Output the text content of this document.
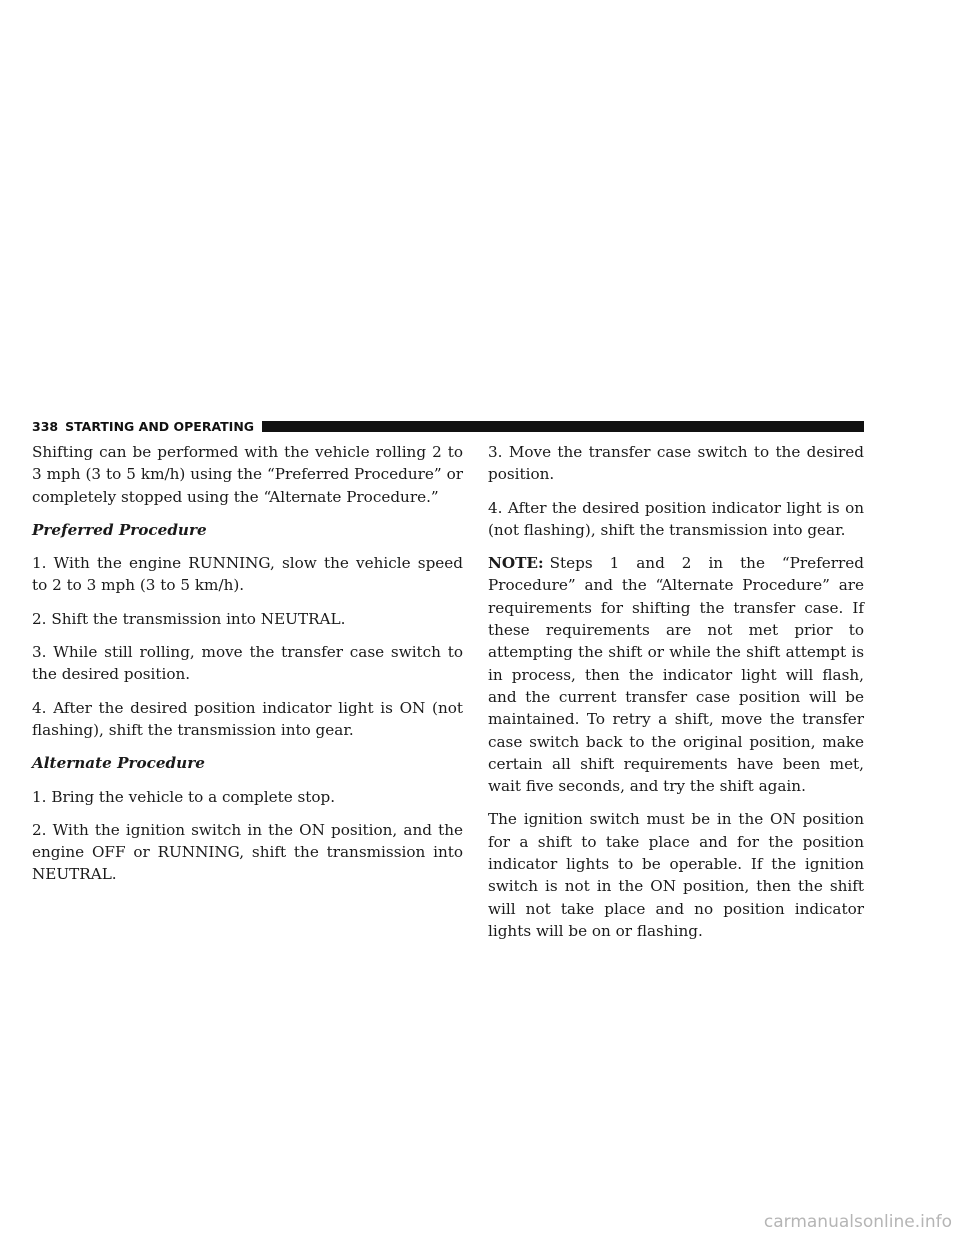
338 STARTING AND OPERATING

Shifting can be performed with the vehicle rolling 2 to 3 mph (3 to 5 km/h) using the “Preferred Procedure” or completely stopped using the “Alternate Procedure.”

Preferred Procedure

1. With the engine RUNNING, slow the vehicle speed to 2 to 3 mph (3 to 5 km/h).

2. Shift the transmission into NEUTRAL.

3. While still rolling, move the transfer case switch to the desired position.

4. After the desired position indicator light is ON (not flashing), shift the transmission into gear.

Alternate Procedure

1. Bring the vehicle to a complete stop.

2. With the ignition switch in the ON position, and the engine OFF or RUNNING, shift the transmission into NEUTRAL.

3. Move the transfer case switch to the desired position.

4. After the desired position indicator light is on (not flashing), shift the transmission into gear.

NOTE: Steps 1 and 2 in the “Preferred Procedure” and the “Alternate Procedure” are requirements for shifting the transfer case. If these requirements are not met prior to attempting the shift or while the shift attempt is in process, then the indicator light will flash, and the current transfer case position will be maintained. To retry a shift, move the transfer case switch back to the original position, make certain all shift requirements have been met, wait five seconds, and try the shift again.

The ignition switch must be in the ON position for a shift to take place and for the position indicator lights to be operable. If the ignition switch is not in the ON position, then the shift will not take place and no position indicator lights will be on or flashing.

carmanualsonline.info
